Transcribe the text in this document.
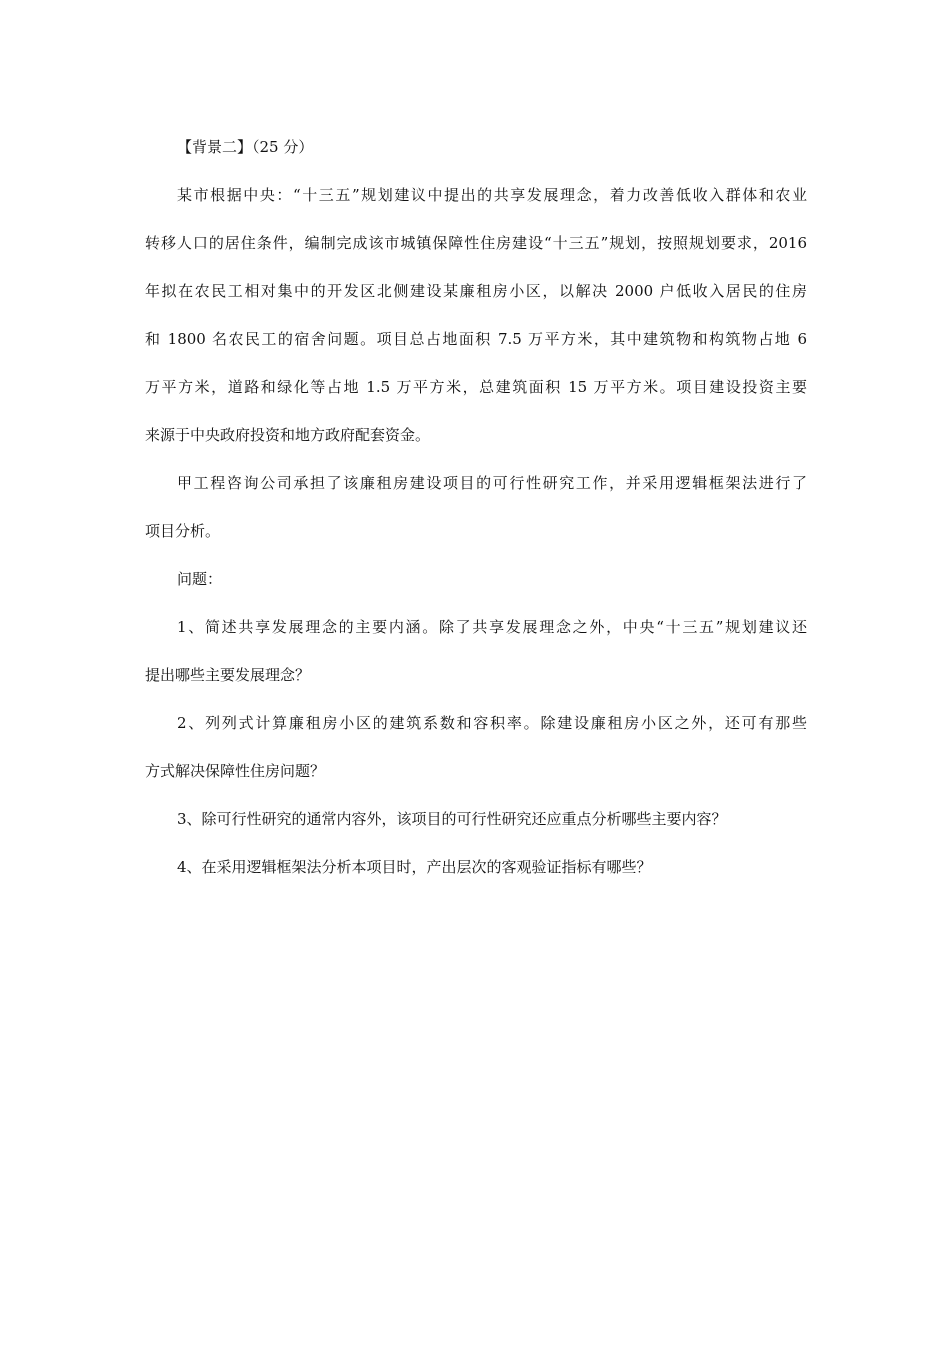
【背景二】（25 分）
某市根据中央：“十三五”规划建议中提出的共享发展理念，着力改善低收入群体和农业
转移人口的居住条件，编制完成该市城镇保障性住房建设“十三五”规划，按照规划要求，2016
年拟在农民工相对集中的开发区北侧建设某廉租房小区，以解决 2000 户低收入居民的住房
和 1800 名农民工的宿舍问题。项目总占地面积 7.5 万平方米，其中建筑物和构筑物占地 6
万平方米，道路和绿化等占地 1.5 万平方米，总建筑面积 15 万平方米。项目建设投资主要
来源于中央政府投资和地方政府配套资金。
甲工程咨询公司承担了该廉租房建设项目的可行性研究工作，并采用逻辑框架法进行了
项目分析。
问题：
1、简述共享发展理念的主要内涵。除了共享发展理念之外，中央“十三五”规划建议还
提出哪些主要发展理念？
2、列列式计算廉租房小区的建筑系数和容积率。除建设廉租房小区之外，还可有那些
方式解决保障性住房问题？
3、除可行性研究的通常内容外，该项目的可行性研究还应重点分析哪些主要内容？
4、在采用逻辑框架法分析本项目时，产出层次的客观验证指标有哪些？
